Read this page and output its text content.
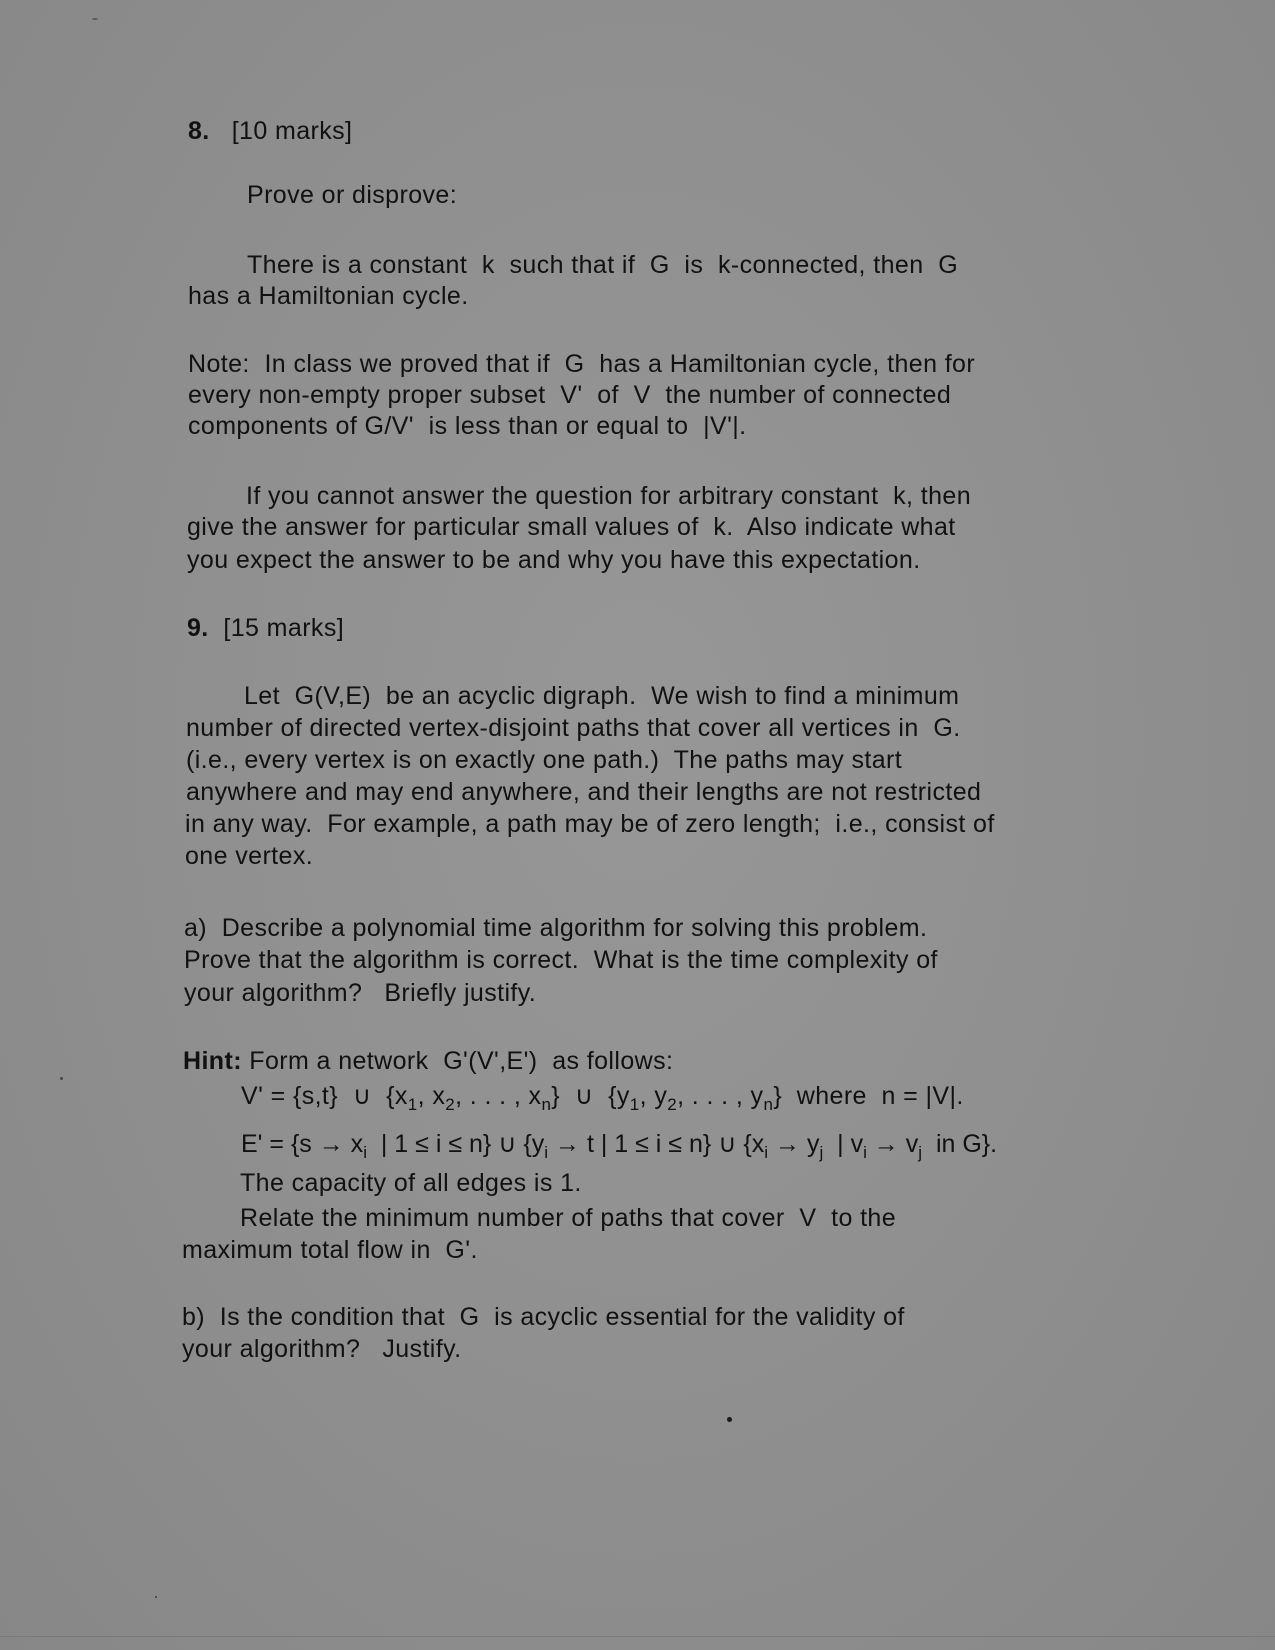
8. [10 marks]
Prove or disprove:
There is a constant  k  such that if  G  is  k-connected, then  G
has a Hamiltonian cycle.
Note:  In class we proved that if  G  has a Hamiltonian cycle, then for
every non-empty proper subset  V'  of  V  the number of connected
components of G/V'  is less than or equal to  |V'|.
If you cannot answer the question for arbitrary constant  k, then
give the answer for particular small values of  k.  Also indicate what
you expect the answer to be and why you have this expectation.
9. [15 marks]
Let  G(V,E)  be an acyclic digraph.  We wish to find a minimum
number of directed vertex-disjoint paths that cover all vertices in  G.
(i.e., every vertex is on exactly one path.)  The paths may start
anywhere and may end anywhere, and their lengths are not restricted
in any way.  For example, a path may be of zero length;  i.e., consist of
one vertex.
a)  Describe a polynomial time algorithm for solving this problem.
Prove that the algorithm is correct.  What is the time complexity of
your algorithm?   Briefly justify.
Hint: Form a network  G'(V',E')  as follows:
V' = {s,t}  ∪  {$x_1$, $x_2$, . . . , $x_n$}  ∪  {$y_1$, $y_2$, . . . , $y_n$}  where  n = |V|.
$E' = \{s \to x_i$  | 1 ≤ i ≤ n} ∪ {$y_i \to t$ | 1 ≤ i ≤ n} ∪ {$x_i \to y_j$  | $v_i \to v_j$  in G}.
The capacity of all edges is 1.
Relate the minimum number of paths that cover  V  to the
maximum total flow in  G'.
b)  Is the condition that  G  is acyclic essential for the validity of
your algorithm?   Justify.
